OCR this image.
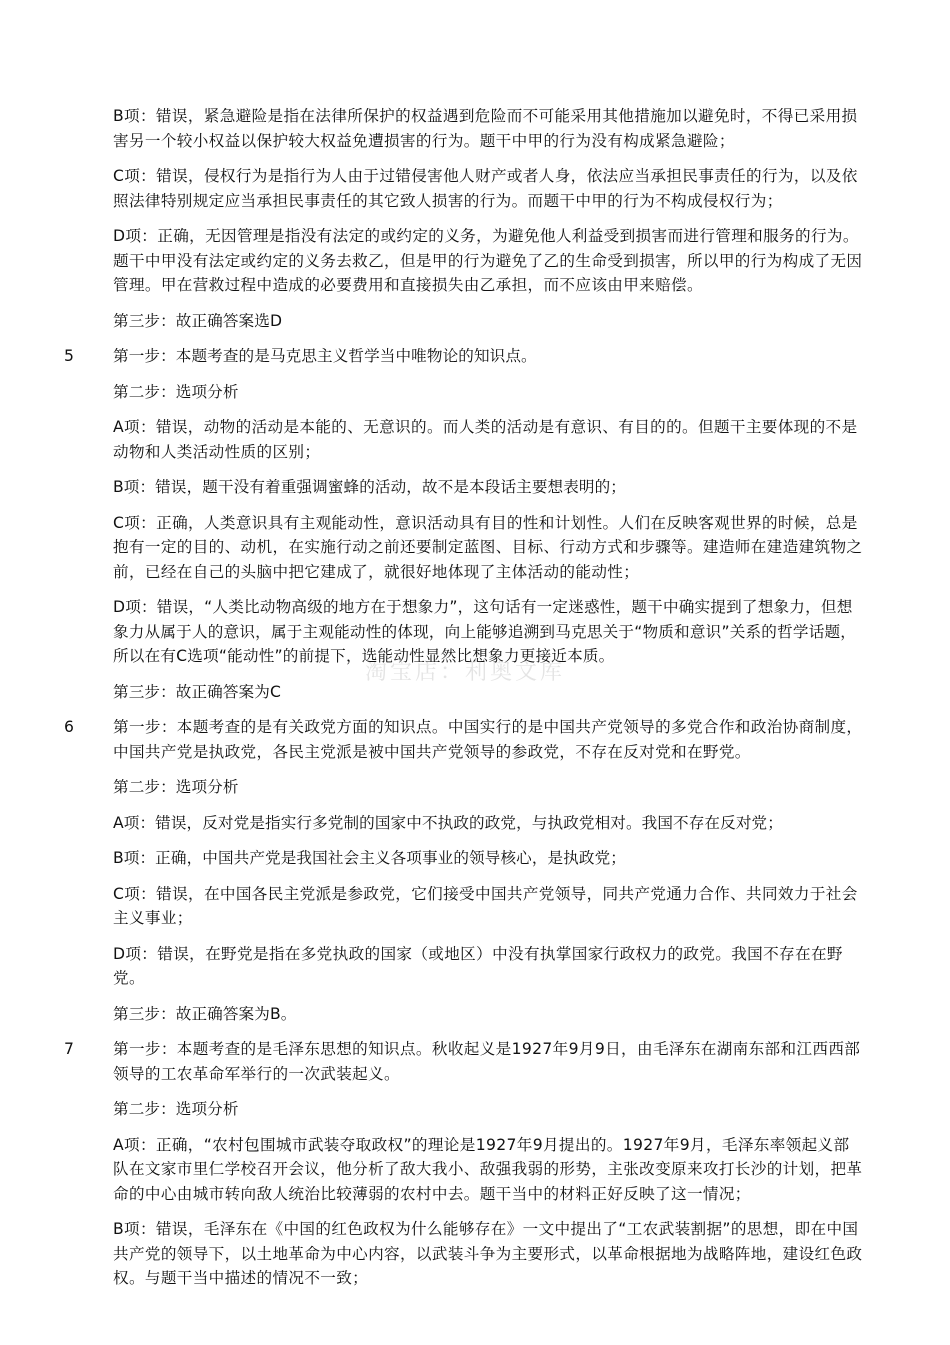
淘宝店：利奥文库
B项：错误，紧急避险是指在法律所保护的权益遇到危险而不可能采用其他措施加以避免时，不得已采用损害另一个较小权益以保护较大权益免遭损害的行为。题干中甲的行为没有构成紧急避险；
C项：错误，侵权行为是指行为人由于过错侵害他人财产或者人身，依法应当承担民事责任的行为，以及依照法律特别规定应当承担民事责任的其它致人损害的行为。而题干中甲的行为不构成侵权行为；
D项：正确，无因管理是指没有法定的或约定的义务，为避免他人利益受到损害而进行管理和服务的行为。题干中甲没有法定或约定的义务去救乙，但是甲的行为避免了乙的生命受到损害，所以甲的行为构成了无因管理。甲在营救过程中造成的必要费用和直接损失由乙承担，而不应该由甲来赔偿。
第三步：故正确答案选D
5	第一步：本题考查的是马克思主义哲学当中唯物论的知识点。
第二步：选项分析
A项：错误，动物的活动是本能的、无意识的。而人类的活动是有意识、有目的的。但题干主要体现的不是动物和人类活动性质的区别；
B项：错误，题干没有着重强调蜜蜂的活动，故不是本段话主要想表明的；
C项：正确，人类意识具有主观能动性，意识活动具有目的性和计划性。人们在反映客观世界的时候，总是抱有一定的目的、动机，在实施行动之前还要制定蓝图、目标、行动方式和步骤等。建造师在建造建筑物之前，已经在自己的头脑中把它建成了，就很好地体现了主体活动的能动性；
D项：错误，“人类比动物高级的地方在于想象力”，这句话有一定迷惑性，题干中确实提到了想象力，但想象力从属于人的意识，属于主观能动性的体现，向上能够追溯到马克思关于“物质和意识”关系的哲学话题，所以在有C选项“能动性”的前提下，选能动性显然比想象力更接近本质。
第三步：故正确答案为C
6	第一步：本题考查的是有关政党方面的知识点。中国实行的是中国共产党领导的多党合作和政治协商制度，中国共产党是执政党，各民主党派是被中国共产党领导的参政党，不存在反对党和在野党。
第二步：选项分析
A项：错误，反对党是指实行多党制的国家中不执政的政党，与执政党相对。我国不存在反对党；
B项：正确，中国共产党是我国社会主义各项事业的领导核心，是执政党；
C项：错误，在中国各民主党派是参政党，它们接受中国共产党领导，同共产党通力合作、共同效力于社会主义事业；
D项：错误，在野党是指在多党执政的国家（或地区）中没有执掌国家行政权力的政党。我国不存在在野党。
第三步：故正确答案为B。
7	第一步：本题考查的是毛泽东思想的知识点。秋收起义是1927年9月9日，由毛泽东在湖南东部和江西西部领导的工农革命军举行的一次武装起义。
第二步：选项分析
A项：正确，“农村包围城市武装夺取政权”的理论是1927年9月提出的。1927年9月，毛泽东率领起义部队在文家市里仁学校召开会议，他分析了敌大我小、敌强我弱的形势，主张改变原来攻打长沙的计划，把革命的中心由城市转向敌人统治比较薄弱的农村中去。题干当中的材料正好反映了这一情况；
B项：错误，毛泽东在《中国的红色政权为什么能够存在》一文中提出了“工农武装割据”的思想，即在中国共产党的领导下，以土地革命为中心内容，以武装斗争为主要形式，以革命根据地为战略阵地，建设红色政权。与题干当中描述的情况不一致；
